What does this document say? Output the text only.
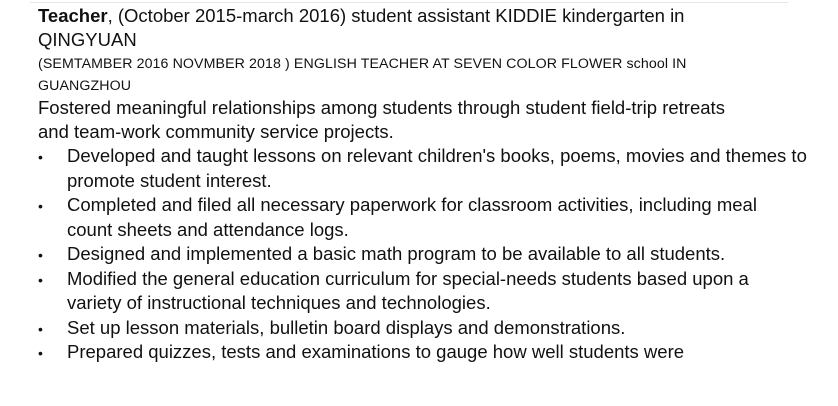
Teacher, (October 2015-march 2016) student assistant KIDDIE kindergarten in
QINGYUAN
(SEMTAMBER 2016 NOVMBER 2018 ) ENGLISH TEACHER AT SEVEN COLOR FLOWER school IN
GUANGZHOU
Fostered meaningful relationships among students through student field-trip retreats
and team-work community service projects.
• Developed and taught lessons on relevant children's books, poems, movies and themes to promote student interest.
• Completed and filed all necessary paperwork for classroom activities, including meal count sheets and attendance logs.
• Designed and implemented a basic math program to be available to all students.
• Modified the general education curriculum for special-needs students based upon a variety of instructional techniques and technologies.
• Set up lesson materials, bulletin board displays and demonstrations.
• Prepared quizzes, tests and examinations to gauge how well students were
